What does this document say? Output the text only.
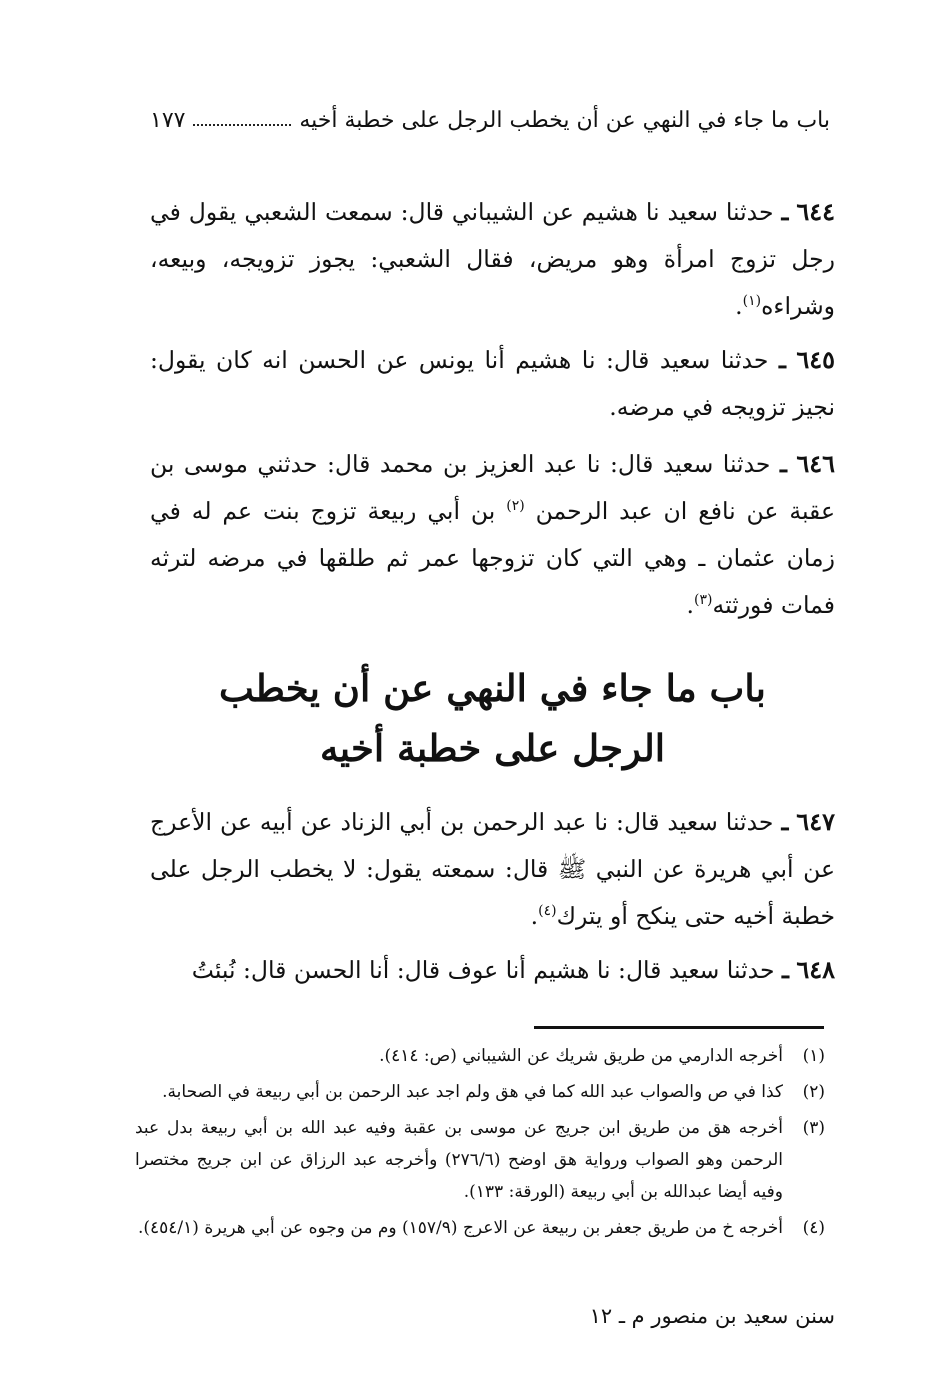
باب ما جاء في النهي عن أن يخطب الرجل على خطبة أخيه
١٧٧
٦٤٤ ـ حدثنا سعيد نا هشيم عن الشيباني قال: سمعت الشعبي يقول في رجل تزوج امرأة وهو مريض، فقال الشعبي: يجوز تزويجه، وبيعه، وشراءه$^{(١)}$.
٦٤٥ ـ حدثنا سعيد قال: نا هشيم أنا يونس عن الحسن انه كان يقول: نجيز تزويجه في مرضه.
٦٤٦ ـ حدثنا سعيد قال: نا عبد العزيز بن محمد قال: حدثني موسى بن عقبة عن نافع ان عبد الرحمن $^{(٢)}$ بن أبي ربيعة تزوج بنت عم له في زمان عثمان ـ وهي التي كان تزوجها عمر ثم طلقها في مرضه لترثه فمات فورثته$^{(٣)}$.
باب ما جاء في النهي عن أن يخطب
الرجل على خطبة أخيه
٦٤٧ ـ حدثنا سعيد قال: نا عبد الرحمن بن أبي الزناد عن أبيه عن الأعرج عن أبي هريرة عن النبي ﷺ قال: سمعته يقول: لا يخطب الرجل على خطبة أخيه حتى ينكح أو يترك$^{(٤)}$.
٦٤٨ ـ حدثنا سعيد قال: نا هشيم أنا عوف قال: أنا الحسن قال: نُبئتُ
(١)
أخرجه الدارمي من طريق شريك عن الشيباني (ص: ٤١٤).
(٢)
كذا في ص والصواب عبد الله كما في هق ولم اجد عبد الرحمن بن أبي ربيعة في الصحابة.
(٣)
أخرجه هق من طريق ابن جريج عن موسى بن عقبة وفيه عبد الله بن أبي ربيعة بدل عبد الرحمن وهو الصواب ورواية هق اوضح (٢٧٦/٦) وأخرجه عبد الرزاق عن ابن جريج مختصرا وفيه أيضا عبدالله بن أبي ربيعة (الورقة: ١٣٣).
(٤)
أخرجه خ من طريق جعفر بن ربيعة عن الاعرج (١٥٧/٩) وم من وجوه عن أبي هريرة (٤٥٤/١).
سنن سعيد بن منصور م ـ ١٢
